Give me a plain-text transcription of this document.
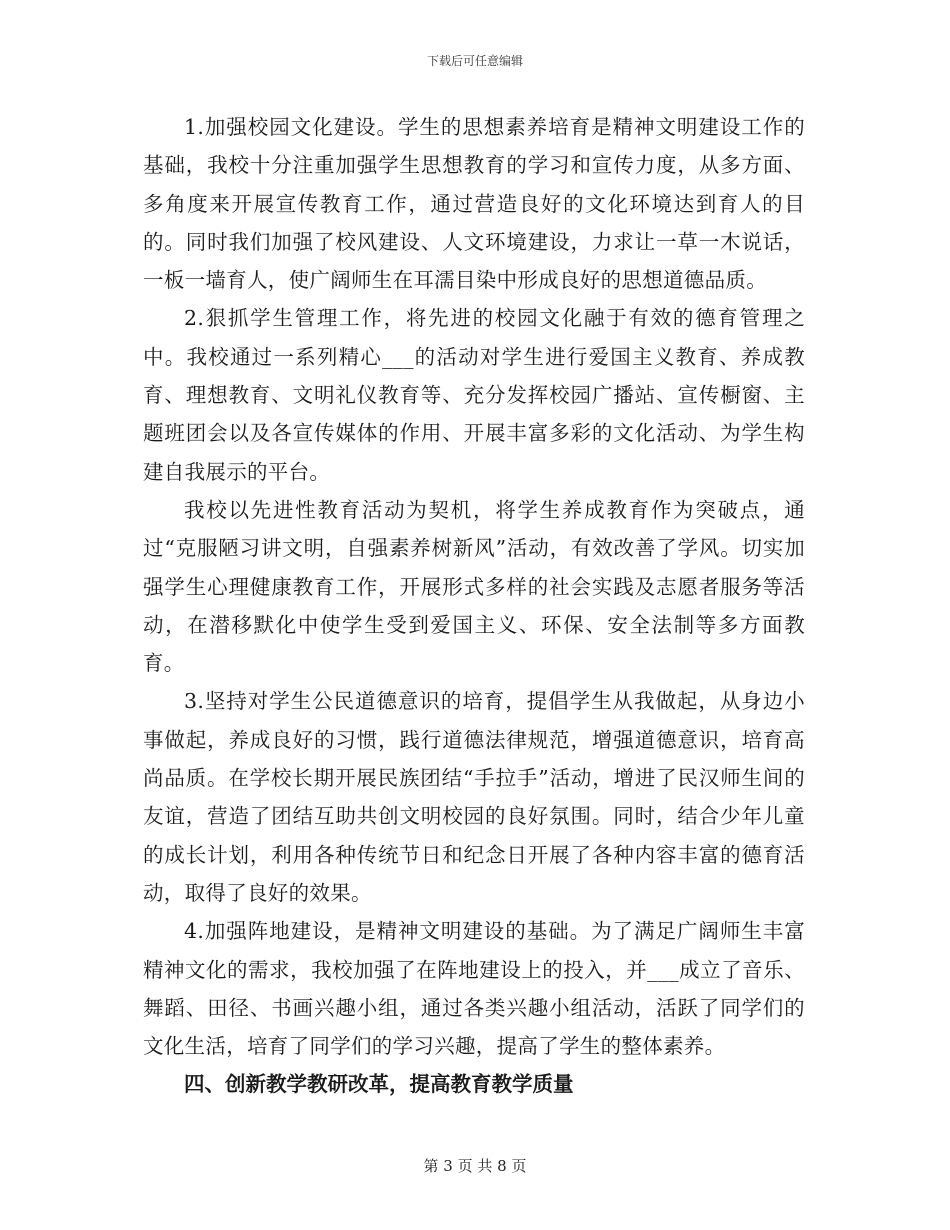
下载后可任意编辑

1.加强校园文化建设。学生的思想素养培育是精神文明建设工作的基础，我校十分注重加强学生思想教育的学习和宣传力度，从多方面、多角度来开展宣传教育工作，通过营造良好的文化环境达到育人的目的。同时我们加强了校风建设、人文环境建设，力求让一草一木说话，一板一墙育人，使广阔师生在耳濡目染中形成良好的思想道德品质。

2.狠抓学生管理工作，将先进的校园文化融于有效的德育管理之中。我校通过一系列精心___的活动对学生进行爱国主义教育、养成教育、理想教育、文明礼仪教育等、充分发挥校园广播站、宣传橱窗、主题班团会以及各宣传媒体的作用、开展丰富多彩的文化活动、为学生构建自我展示的平台。

我校以先进性教育活动为契机，将学生养成教育作为突破点，通过“克服陋习讲文明，自强素养树新风”活动，有效改善了学风。切实加强学生心理健康教育工作，开展形式多样的社会实践及志愿者服务等活动，在潜移默化中使学生受到爱国主义、环保、安全法制等多方面教育。

3.坚持对学生公民道德意识的培育，提倡学生从我做起，从身边小事做起，养成良好的习惯，践行道德法律规范，增强道德意识，培育高尚品质。在学校长期开展民族团结“手拉手”活动，增进了民汉师生间的友谊，营造了团结互助共创文明校园的良好氛围。同时，结合少年儿童的成长计划，利用各种传统节日和纪念日开展了各种内容丰富的德育活动，取得了良好的效果。

4.加强阵地建设，是精神文明建设的基础。为了满足广阔师生丰富精神文化的需求，我校加强了在阵地建设上的投入，并___成立了音乐、舞蹈、田径、书画兴趣小组，通过各类兴趣小组活动，活跃了同学们的文化生活，培育了同学们的学习兴趣，提高了学生的整体素养。

四、创新教学教研改革，提高教育教学质量

第 3 页 共 8 页
